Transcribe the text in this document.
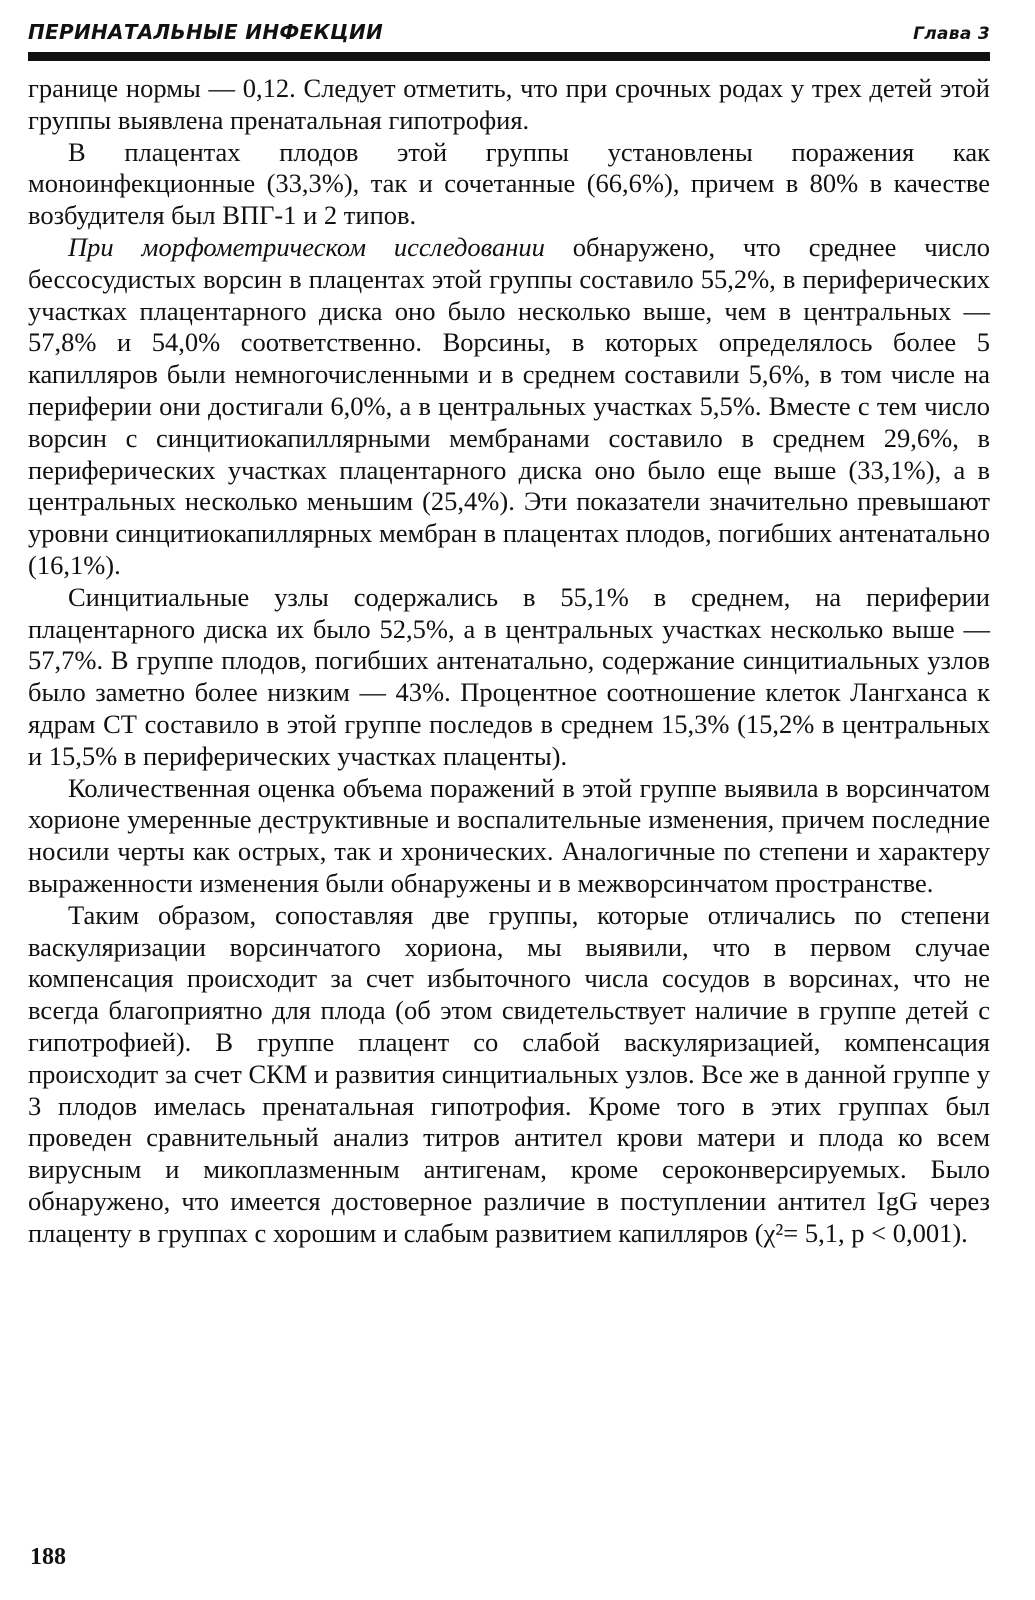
ПЕРИНАТАЛЬНЫЕ ИНФЕКЦИИ	Глава 3

границе нормы — 0,12. Следует отметить, что при срочных родах у трех детей этой группы выявлена пренатальная гипотрофия.

В плацентах плодов этой группы установлены поражения как моноинфекционные (33,3%), так и сочетанные (66,6%), причем в 80% в качестве возбудителя был ВПГ-1 и 2 типов.

При морфометрическом исследовании обнаружено, что среднее число бессосудистых ворсин в плацентах этой группы составило 55,2%, в периферических участках плацентарного диска оно было несколько выше, чем в центральных — 57,8% и 54,0% соответственно. Ворсины, в которых определялось более 5 капилляров были немногочисленными и в среднем составили 5,6%, в том числе на периферии они достигали 6,0%, а в центральных участках 5,5%. Вместе с тем число ворсин с синцитиокапиллярными мембранами составило в среднем 29,6%, в периферических участках плацентарного диска оно было еще выше (33,1%), а в центральных несколько меньшим (25,4%). Эти показатели значительно превышают уровни синцитиокапиллярных мембран в плацентах плодов, погибших антенатально (16,1%).

Синцитиальные узлы содержались в 55,1% в среднем, на периферии плацентарного диска их было 52,5%, а в центральных участках несколько выше — 57,7%. В группе плодов, погибших антенатально, содержание синцитиальных узлов было заметно более низким — 43%. Процентное соотношение клеток Лангханса к ядрам СТ составило в этой группе последов в среднем 15,3% (15,2% в центральных и 15,5% в периферических участках плаценты).

Количественная оценка объема поражений в этой группе выявила в ворсинчатом хорионе умеренные деструктивные и воспалительные изменения, причем последние носили черты как острых, так и хронических. Аналогичные по степени и характеру выраженности изменения были обнаружены и в межворсинчатом пространстве.

Таким образом, сопоставляя две группы, которые отличались по степени васкуляризации ворсинчатого хориона, мы выявили, что в первом случае компенсация происходит за счет избыточного числа сосудов в ворсинах, что не всегда благоприятно для плода (об этом свидетельствует наличие в группе детей с гипотрофией). В группе плацент со слабой васкуляризацией, компенсация происходит за счет СКМ и развития синцитиальных узлов. Все же в данной группе у 3 плодов имелась пренатальная гипотрофия. Кроме того в этих группах был проведен сравнительный анализ титров антител крови матери и плода ко всем вирусным и микоплазменным антигенам, кроме сероконверсируемых. Было обнаружено, что имеется достоверное различие в поступлении антител IgG через плаценту в группах с хорошим и слабым развитием капилляров (χ²= 5,1, p < 0,001).

188
